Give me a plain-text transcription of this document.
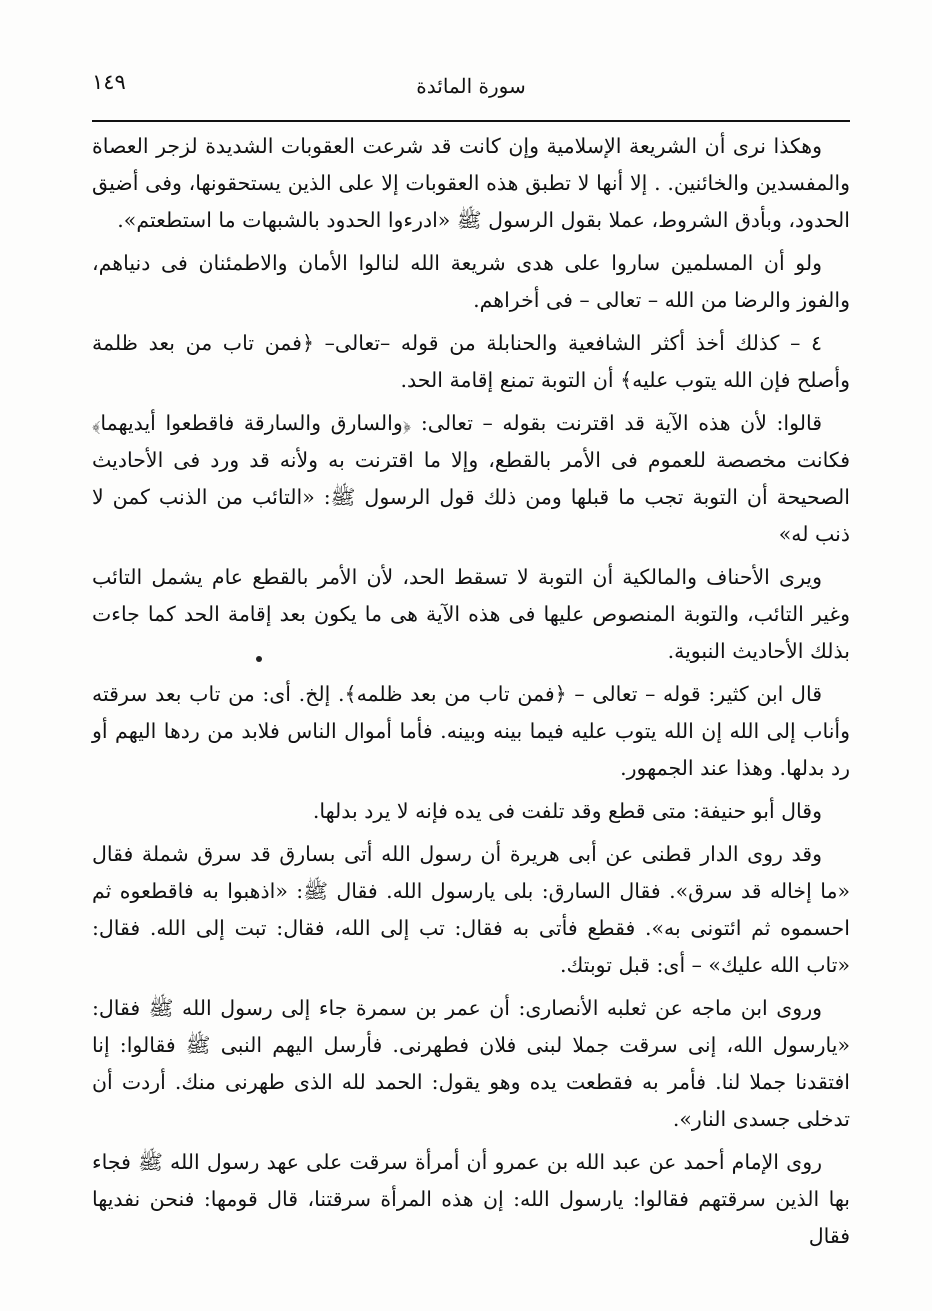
١٤٩	سورة المائدة

وهكذا نرى أن الشريعة الإسلامية وإن كانت قد شرعت العقوبات الشديدة لزجر العصاة والمفسدين والخائنين. . إلا أنها لا تطبق هذه العقوبات إلا على الذين يستحقونها، وفى أضيق الحدود، وبأدق الشروط، عملا بقول الرسول ﷺ «ادرءوا الحدود بالشبهات ما استطعتم».

ولو أن المسلمين ساروا على هدى شريعة الله لنالوا الأمان والاطمئنان فى دنياهم، والفوز والرضا من الله – تعالى – فى أخراهم.

٤ – كذلك أخذ أكثر الشافعية والحنابلة من قوله –تعالى– ﴿فمن تاب من بعد ظلمة وأصلح فإن الله يتوب عليه﴾ أن التوبة تمنع إقامة الحد.

قالوا: لأن هذه الآية قد اقترنت بقوله – تعالى: ﴿والسارق والسارقة فاقطعوا أيديهما﴾ فكانت مخصصة للعموم فى الأمر بالقطع، وإلا ما اقترنت به ولأنه قد ورد فى الأحاديث الصحيحة أن التوبة تجب ما قبلها ومن ذلك قول الرسول ﷺ: «التائب من الذنب كمن لا ذنب له»

ويرى الأحناف والمالكية أن التوبة لا تسقط الحد، لأن الأمر بالقطع عام يشمل التائب وغير التائب، والتوبة المنصوص عليها فى هذه الآية هى ما يكون بعد إقامة الحد كما جاءت بذلك الأحاديث النبوية.

قال ابن كثير: قوله – تعالى – ﴿فمن تاب من بعد ظلمه﴾. إلخ. أى: من تاب بعد سرقته وأناب إلى الله إن الله يتوب عليه فيما بينه وبينه. فأما أموال الناس فلابد من ردها اليهم أو رد بدلها. وهذا عند الجمهور.

وقال أبو حنيفة: متى قطع وقد تلفت فى يده فإنه لا يرد بدلها.

وقد روى الدار قطنى عن أبى هريرة أن رسول الله أتى بسارق قد سرق شملة فقال «ما إخاله قد سرق». فقال السارق: بلى يارسول الله. فقال ﷺ: «اذهبوا به فاقطعوه ثم احسموه ثم ائتونى به». فقطع فأتى به فقال: تب إلى الله، فقال: تبت إلى الله. فقال: «تاب الله عليك» – أى: قبل توبتك.

وروى ابن ماجه عن ثعلبه الأنصارى: أن عمر بن سمرة جاء إلى رسول الله ﷺ فقال: «يارسول الله، إنى سرقت جملا لبنى فلان فطهرنى. فأرسل اليهم النبى ﷺ فقالوا: إنا افتقدنا جملا لنا. فأمر به فقطعت يده وهو يقول: الحمد لله الذى طهرنى منك. أردت أن تدخلى جسدى النار».

روى الإمام أحمد عن عبد الله بن عمرو أن أمرأة سرقت على عهد رسول الله ﷺ فجاء بها الذين سرقتهم فقالوا: يارسول الله: إن هذه المرأة سرقتنا، قال قومها: فنحن نفديها فقال
